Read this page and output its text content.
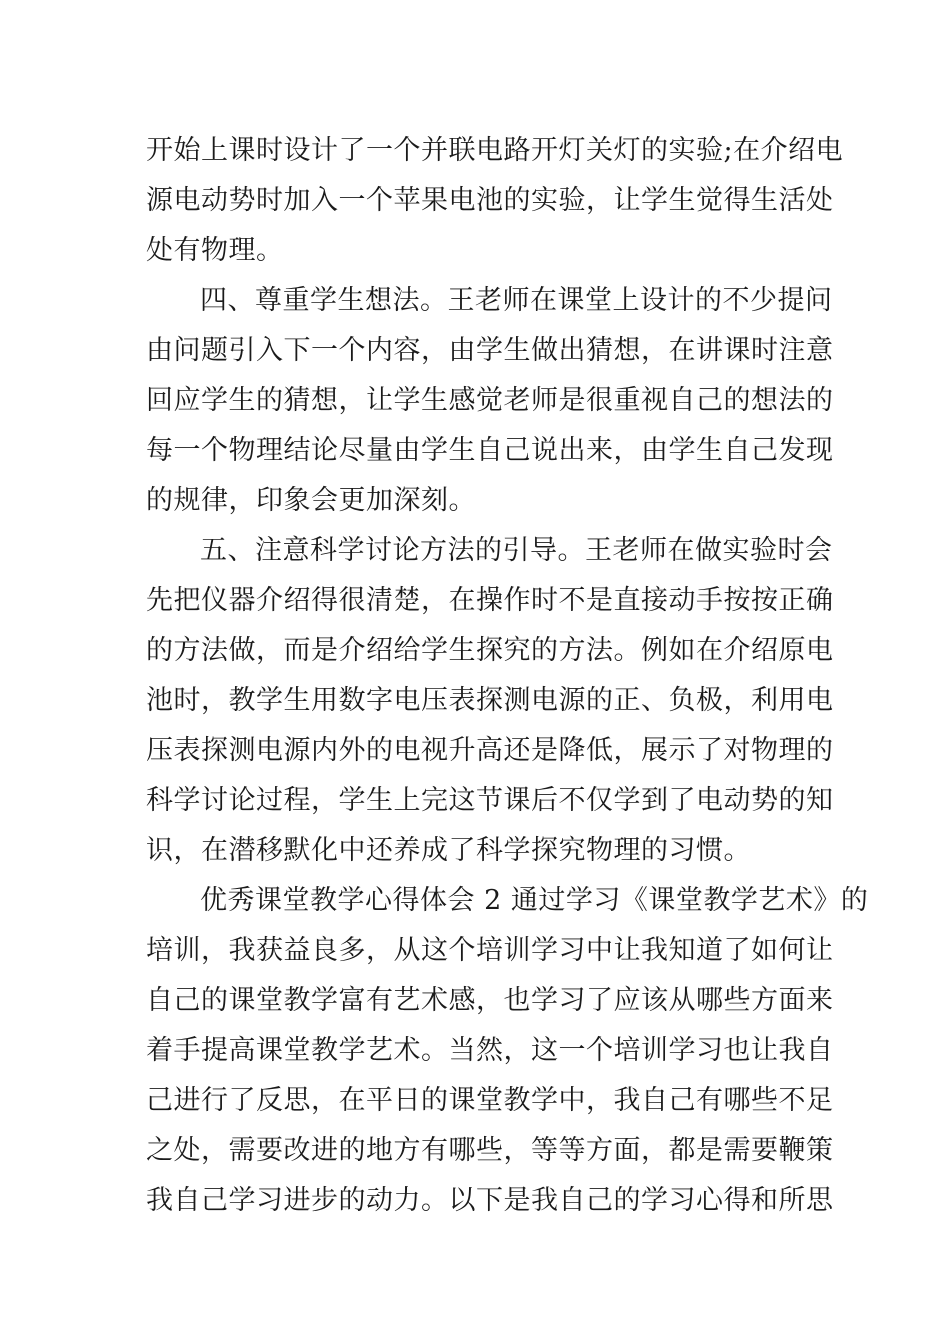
开始上课时设计了一个并联电路开灯关灯的实验;在介绍电
源电动势时加入一个苹果电池的实验，让学生觉得生活处
处有物理。
四、尊重学生想法。王老师在课堂上设计的不少提问
由问题引入下一个内容，由学生做出猜想，在讲课时注意
回应学生的猜想，让学生感觉老师是很重视自己的想法的
每一个物理结论尽量由学生自己说出来，由学生自己发现
的规律，印象会更加深刻。
五、注意科学讨论方法的引导。王老师在做实验时会
先把仪器介绍得很清楚，在操作时不是直接动手按按正确
的方法做，而是介绍给学生探究的方法。例如在介绍原电
池时，教学生用数字电压表探测电源的正、负极，利用电
压表探测电源内外的电视升高还是降低，展示了对物理的
科学讨论过程，学生上完这节课后不仅学到了电动势的知
识，在潜移默化中还养成了科学探究物理的习惯。
优秀课堂教学心得体会 2 通过学习《课堂教学艺术》的
培训，我获益良多，从这个培训学习中让我知道了如何让
自己的课堂教学富有艺术感，也学习了应该从哪些方面来
着手提高课堂教学艺术。当然，这一个培训学习也让我自
己进行了反思，在平日的课堂教学中，我自己有哪些不足
之处，需要改进的地方有哪些，等等方面，都是需要鞭策
我自己学习进步的动力。以下是我自己的学习心得和所思
